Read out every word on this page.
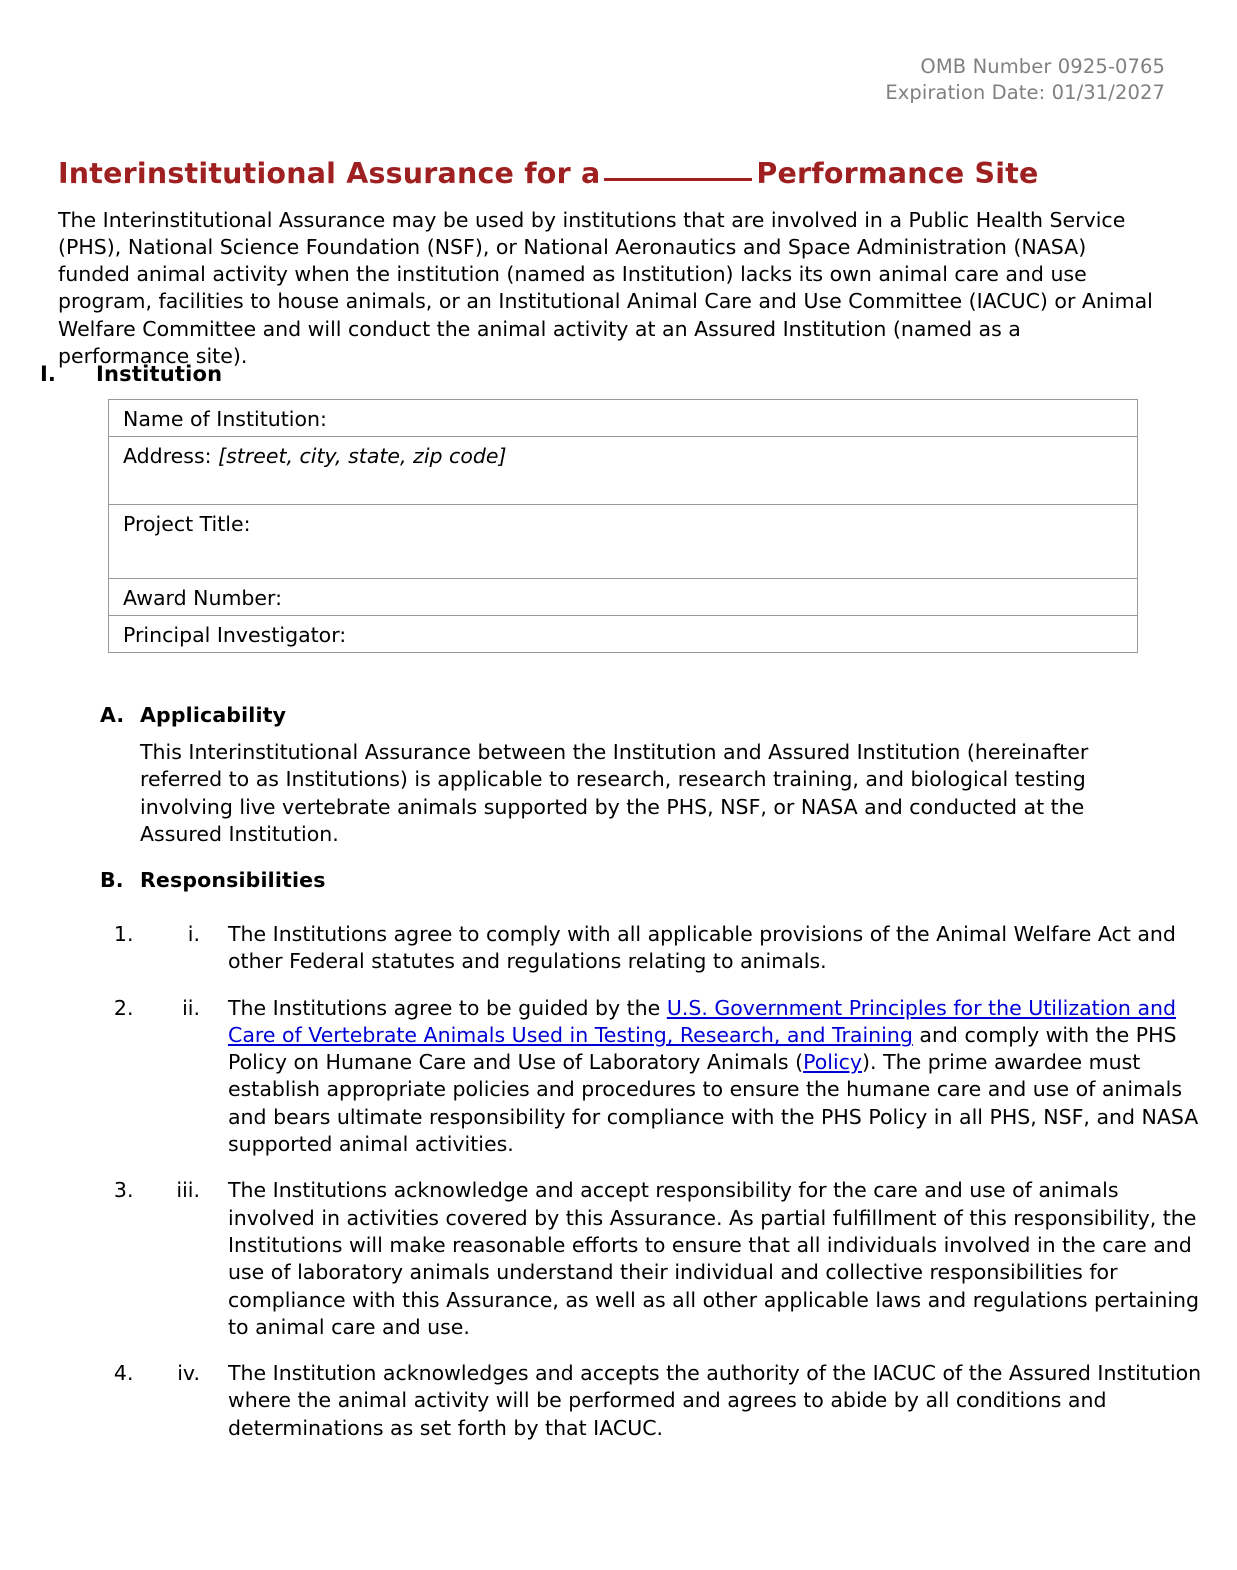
OMB Number 0925-0765
Expiration Date: 01/31/2027
Interinstitutional Assurance for a	Performance Site

The Interinstitutional Assurance may be used by institutions that are involved in a Public Health Service (PHS), National Science Foundation (NSF), or National Aeronautics and Space Administration (NASA) funded animal activity when the institution (named as Institution) lacks its own animal care and use program, facilities to house animals, or an Institutional Animal Care and Use Committee (IACUC) or Animal Welfare Committee and will conduct the animal activity at an Assured Institution (named as a performance site).

I. Institution
Name of Institution:
Address: [street, city, state, zip code]
Project Title:
Award Number:
Principal Investigator:
A. Applicability
This Interinstitutional Assurance between the Institution and Assured Institution (hereinafter referred to as Institutions) is applicable to research, research training, and biological testing involving live vertebrate animals supported by the PHS, NSF, or NASA and conducted at the Assured Institution.
B. Responsibilities
1. i. The Institutions agree to comply with all applicable provisions of the Animal Welfare Act and other Federal statutes and regulations relating to animals.
2. ii. The Institutions agree to be guided by the U.S. Government Principles for the Utilization and Care of Vertebrate Animals Used in Testing, Research, and Training and comply with the PHS Policy on Humane Care and Use of Laboratory Animals (Policy). The prime awardee must establish appropriate policies and procedures to ensure the humane care and use of animals and bears ultimate responsibility for compliance with the PHS Policy in all PHS, NSF, and NASA supported animal activities.
3. iii. The Institutions acknowledge and accept responsibility for the care and use of animals involved in activities covered by this Assurance. As partial fulfillment of this responsibility, the Institutions will make reasonable efforts to ensure that all individuals involved in the care and use of laboratory animals understand their individual and collective responsibilities for compliance with this Assurance, as well as all other applicable laws and regulations pertaining to animal care and use.
4. iv. The Institution acknowledges and accepts the authority of the IACUC of the Assured Institution where the animal activity will be performed and agrees to abide by all conditions and determinations as set forth by that IACUC.
